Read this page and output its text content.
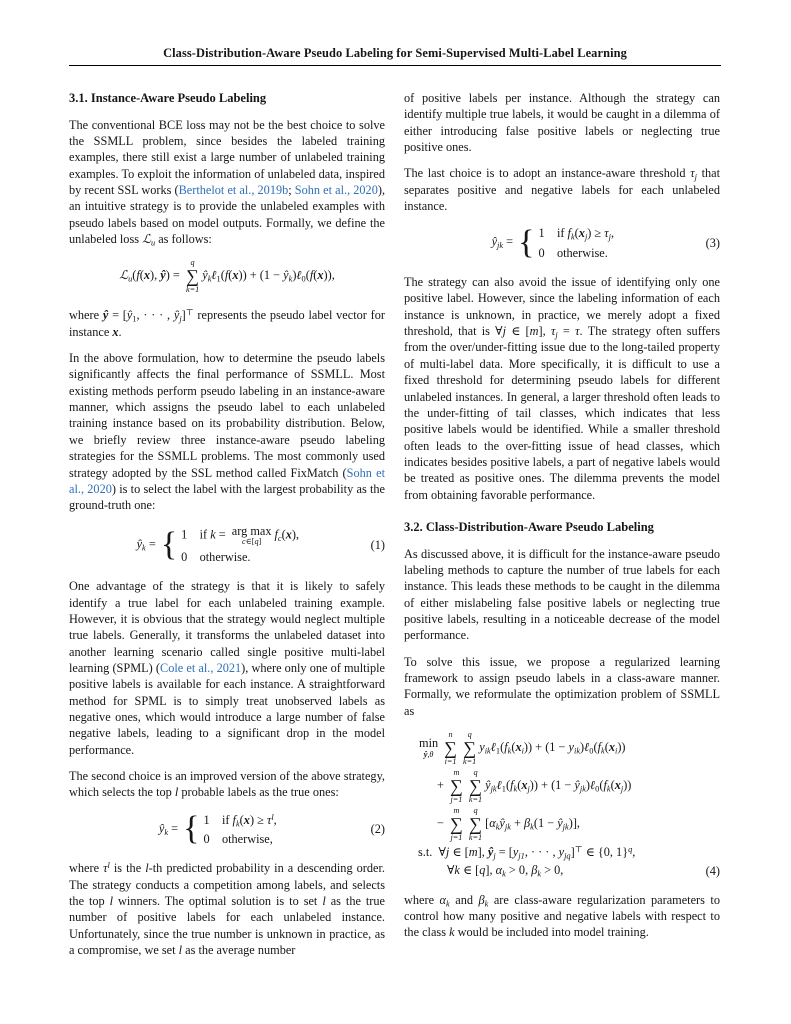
Class-Distribution-Aware Pseudo Labeling for Semi-Supervised Multi-Label Learning
3.1. Instance-Aware Pseudo Labeling

The conventional BCE loss may not be the best choice to solve the SSMLL problem, since besides the labeled training examples, there still exist a large number of unlabeled training examples. To exploit the information of unlabeled data, inspired by recent SSL works (Berthelot et al., 2019b; Sohn et al., 2020), an intuitive strategy is to provide the unlabeled examples with pseudo labels based on model outputs. Formally, we define the unlabeled loss ℒ$_u$ as follows:

ℒ$_u$(f(x), ŷ) =
q
∑
k=1
$ŷ_k\ell_1(f(x)) + (1$ − $ŷ_k)\ell_0(f(x))$,

where ŷ = [$ŷ_1$, · · · , $ŷ_j]^⊤$ represents the pseudo label vector for instance x.

In the above formulation, how to determine the pseudo labels significantly affects the final performance of SSMLL. Most existing methods perform pseudo labeling in an instance-aware manner, which assigns the pseudo label to each unlabeled training instance based on its probability distribution. Below, we briefly review three instance-aware pseudo labeling strategies for the SSMLL problems. The most commonly used strategy adopted by the SSL method called FixMatch (Sohn et al., 2020) is to select the label with the largest probability as the ground-truth one:

$ŷ_k$ = { 1 if k = arg max
c∈[q]
$f_c(x)$,
0 otherwise.
(1)

One advantage of the strategy is that it is likely to safely identify a true label for each unlabeled training example. However, it is obvious that the strategy would neglect multiple true labels. Generally, it transforms the unlabeled dataset into another learning scenario called single positive multi-label learning (SPML) (Cole et al., 2021), where only one of multiple positive labels is available for each instance. A straightforward method for SPML is to simply treat unobserved labels as negative ones, which would introduce a large number of false negative labels, leading to a significant drop in the model performance.

The second choice is an improved version of the above strategy, which selects the top l probable labels as the true ones:

$ŷ_k$ = { 1 if $f_k(x) \ge \tau^l$,
0 otherwise,
(2)

where $\tau^l$ is the l-th predicted probability in a descending order. The strategy conducts a competition among labels, and selects the top l winners. The optimal solution is to set l as the true number of positive labels for each unlabeled instance. Unfortunately, since the true number is unknown in practice, as a compromise, we set l as the average number

of positive labels per instance. Although the strategy can identify multiple true labels, it would be caught in a dilemma of either introducing false positive labels or neglecting true positive ones.

The last choice is to adopt an instance-aware threshold $\tau_j$ that separates positive and negative labels for each unlabeled instance.

$ŷ_{jk}$ = { 1 if $f_k(x_j) \ge \tau_j$,
0 otherwise.
(3)

The strategy can also avoid the issue of identifying only one positive label. However, since the labeling information of each instance is unknown, in practice, we merely adopt a fixed threshold, that is ∀j ∈ [m], $\tau_j = \tau$. The strategy often suffers from the over/under-fitting issue due to the long-tailed property of multi-label data. More specifically, it is difficult to use a fixed threshold for determining pseudo labels for different unlabeled instances. In general, a larger threshold often leads to the under-fitting of tail classes, which indicates that less positive labels would be identified. While a smaller threshold often leads to the over-fitting issue of head classes, which indicates besides positive labels, a part of negative labels would be treated as positive ones. The dilemma prevents the model from obtaining favorable performance.

3.2. Class-Distribution-Aware Pseudo Labeling

As discussed above, it is difficult for the instance-aware pseudo labeling methods to capture the number of true labels for each instance. This leads these methods to be caught in the dilemma of either mislabeling false positive labels or neglecting true positive labels, resulting in a noticeable decrease of the model performance.

To solve this issue, we propose a regularized learning framework to assign pseudo labels in a class-aware manner. Formally, we reformulate the optimization problem of SSMLL as

min
ŷ,θ
n
∑
i=1
q
∑
k=1
$y_{ik}\ell_1(f_k(x_i)) + (1$ − $y_{ik})\ell_0(f_k(x_i))$
+
m
∑
j=1
q
∑
k=1
$ŷ_{jk}\ell_1(f_k(x_j)) + (1$ − $ŷ_{jk})\ell_0(f_k(x_j))$
−
m
∑
j=1
q
∑
k=1
[$\alpha_kŷ_{jk} + \beta_k(1$ − $ŷ_{jk}$)],
s.t. ∀j ∈ [m], $ŷ_j = [y_{j1}$, · · · , $y_{jq}]^⊤$ ∈ {0, 1}$^q$,
∀k ∈ [q], $\alpha_k > 0$, $\beta_k > 0$,	(4)

where $\alpha_k$ and $\beta_k$ are class-aware regularization parameters to control how many positive and negative labels with respect to the class k would be included into model training.
